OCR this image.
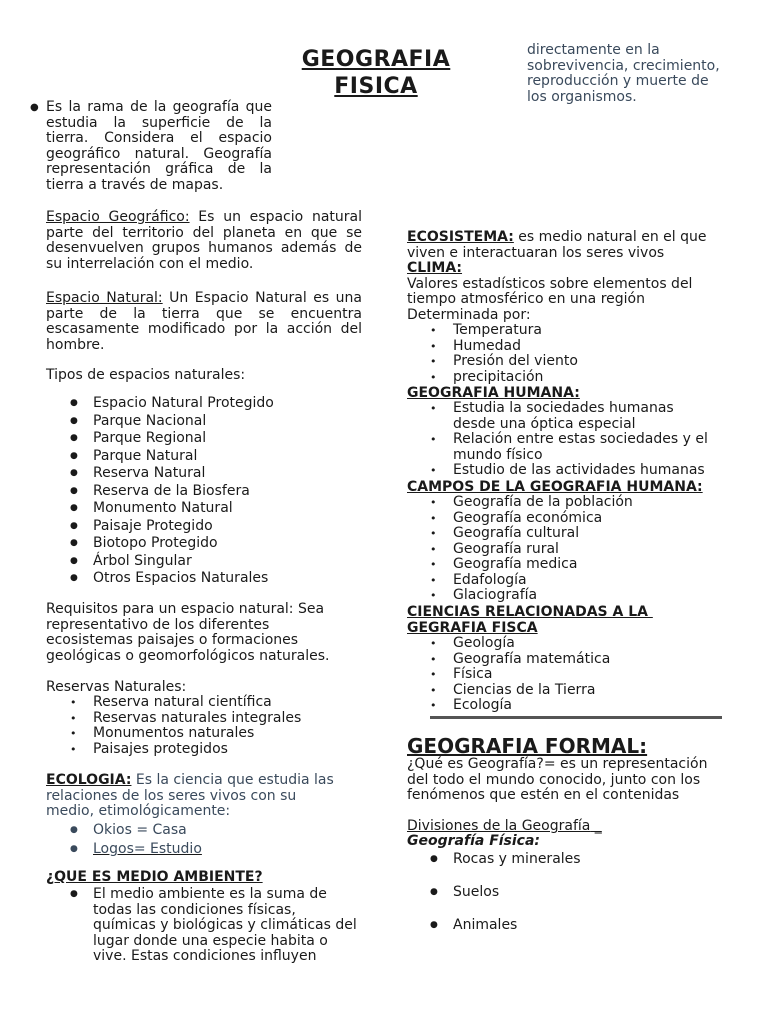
GEOGRAFIA
FISICA
● Es la rama de la geografía que estudia la superficie de la tierra. Considera el espacio geográfico natural. Geografía representación gráfica de la tierra a través de mapas.
Espacio Geográfico: Es un espacio natural parte del territorio del planeta en que se desenvuelven grupos humanos además de su interrelación con el medio.
Espacio Natural: Un Espacio Natural es una parte de la tierra que se encuentra escasamente modificado por la acción del hombre.
Tipos de espacios naturales:
● Espacio Natural Protegido
● Parque Nacional
● Parque Regional
● Parque Natural
● Reserva Natural
● Reserva de la Biosfera
● Monumento Natural
● Paisaje Protegido
● Biotopo Protegido
● Árbol Singular
● Otros Espacios Naturales
Requisitos para un espacio natural: Sea representativo de los diferentes ecosistemas paisajes o formaciones geológicas o geomorfológicos naturales.
Reservas Naturales:
• Reserva natural científica
• Reservas naturales integrales
• Monumentos naturales
• Paisajes protegidos
ECOLOGIA: Es la ciencia que estudia las relaciones de los seres vivos con su medio, etimológicamente:
● Okios = Casa
● Logos= Estudio
¿QUE ES MEDIO AMBIENTE?
● El medio ambiente es la suma de todas las condiciones físicas, químicas y biológicas y climáticas del lugar donde una especie habita o vive. Estas condiciones influyen
directamente en la sobrevivencia, crecimiento, reproducción y muerte de los organismos.
ECOSISTEMA: es medio natural en el que viven e interactuaran los seres vivos
CLIMA:
Valores estadísticos sobre elementos del tiempo atmosférico en una región
Determinada por:
• Temperatura
• Humedad
• Presión del viento
• precipitación
GEOGRAFIA HUMANA:
• Estudia la sociedades humanas desde una óptica especial
• Relación entre estas sociedades y el mundo físico
• Estudio de las actividades humanas
CAMPOS DE LA GEOGRAFIA HUMANA:
• Geografía de la población
• Geografía económica
• Geografía cultural
• Geografía rural
• Geografía medica
• Edafología
• Glaciografía
CIENCIAS RELACIONADAS A LA
GEGRAFIA FISCA
• Geología
• Geografía matemática
• Física
• Ciencias de la Tierra
• Ecología
GEOGRAFIA FORMAL:
¿Qué es Geografía?= es un representación del todo el mundo conocido, junto con los fenómenos que estén en el contenidas
Divisiones de la Geografía _
Geografía Física:
● Rocas y minerales
● Suelos
● Animales
